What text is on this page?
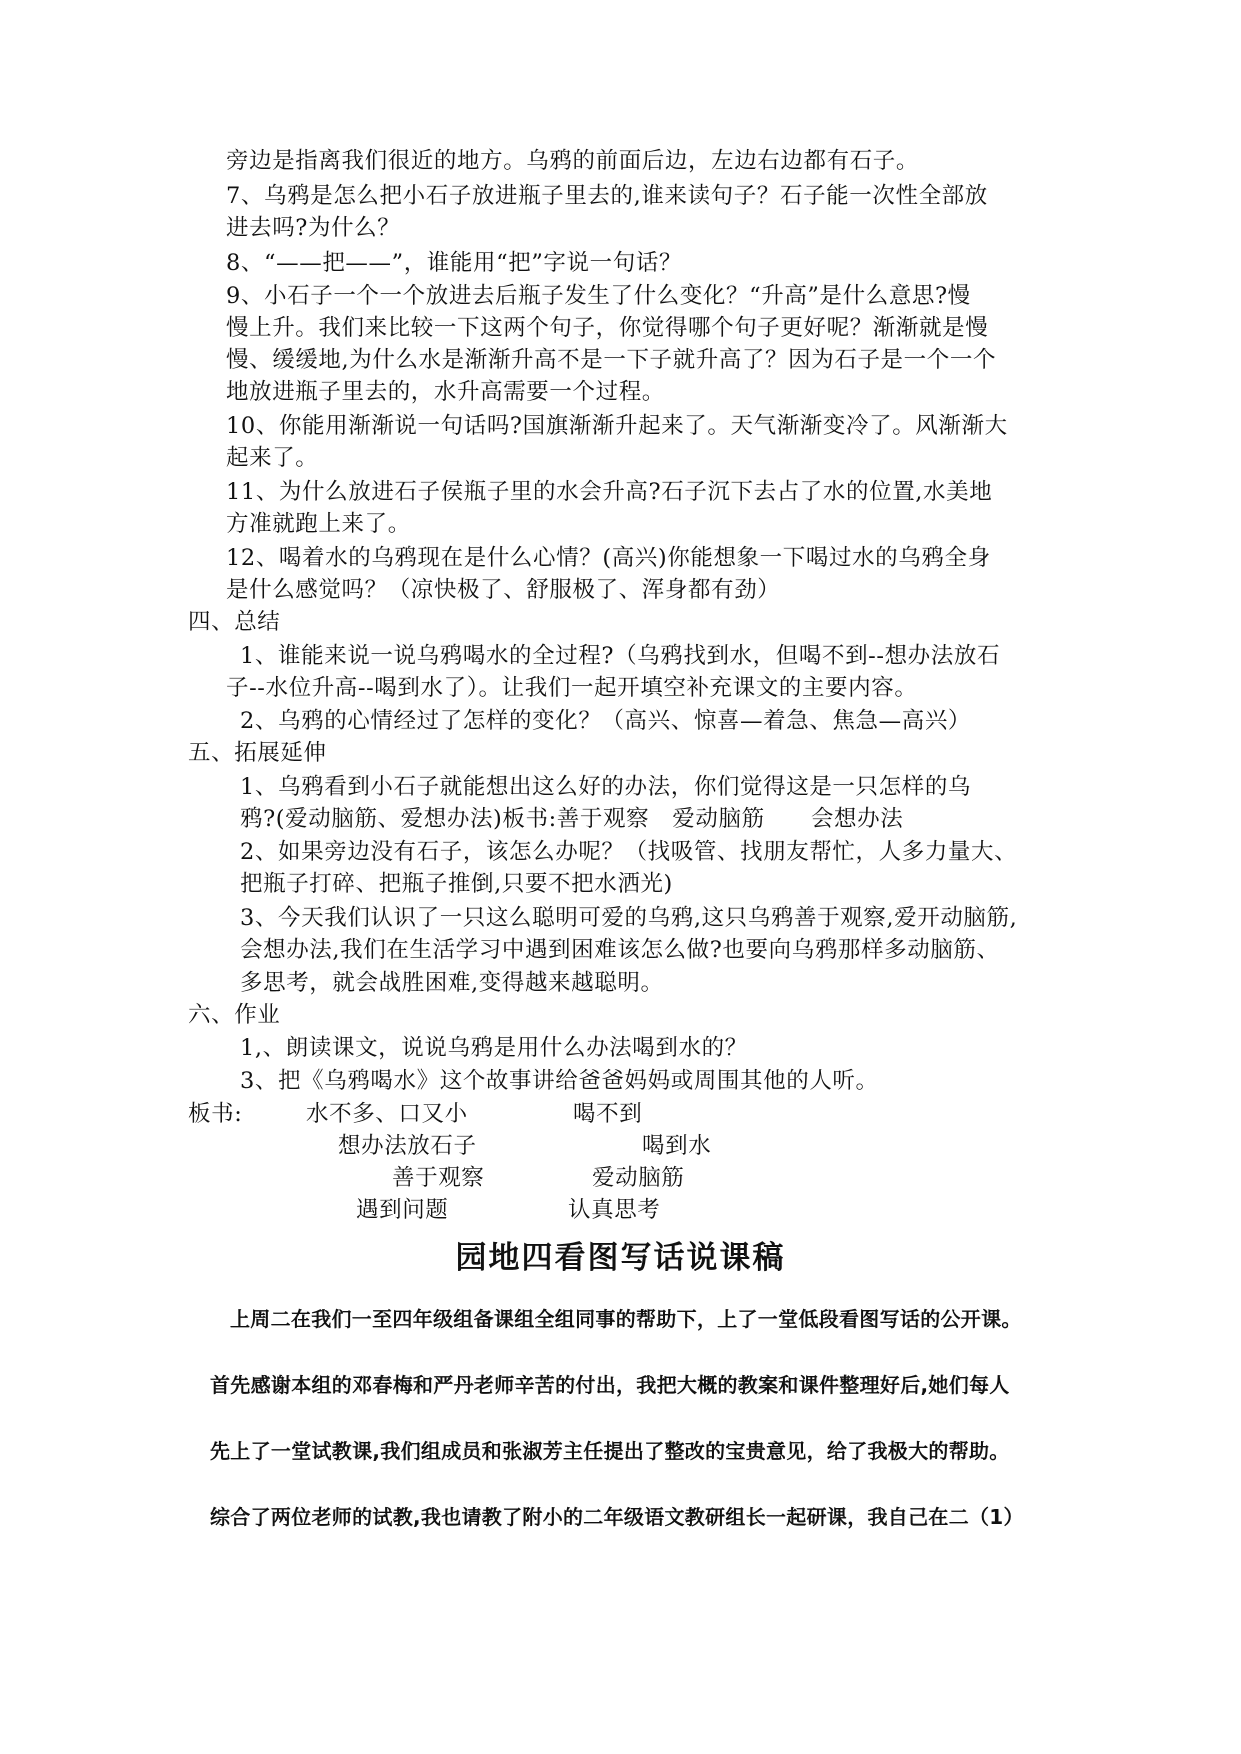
旁边是指离我们很近的地方。乌鸦的前面后边，左边右边都有石子。
7、乌鸦是怎么把小石子放进瓶子里去的,谁来读句子？石子能一次性全部放
进去吗?为什么？
8、“——把——”，谁能用“把”字说一句话？
9、小石子一个一个放进去后瓶子发生了什么变化？“升高”是什么意思?慢
慢上升。我们来比较一下这两个句子，你觉得哪个句子更好呢？渐渐就是慢
慢、缓缓地,为什么水是渐渐升高不是一下子就升高了？因为石子是一个一个
地放进瓶子里去的，水升高需要一个过程。
10、你能用渐渐说一句话吗?国旗渐渐升起来了。天气渐渐变冷了。风渐渐大
起来了。
11、为什么放进石子侯瓶子里的水会升高?石子沉下去占了水的位置,水美地
方准就跑上来了。
12、喝着水的乌鸦现在是什么心情？(高兴)你能想象一下喝过水的乌鸦全身
是什么感觉吗？（凉快极了、舒服极了、浑身都有劲）
四、总结
1、谁能来说一说乌鸦喝水的全过程?（乌鸦找到水，但喝不到--想办法放石
子--水位升高--喝到水了）。让我们一起开填空补充课文的主要内容。
2、乌鸦的心情经过了怎样的变化？（高兴、惊喜—着急、焦急—高兴）
五、拓展延伸
1、乌鸦看到小石子就能想出这么好的办法，你们觉得这是一只怎样的乌
鸦?(爱动脑筋、爱想办法)板书:善于观察　爱动脑筋　　会想办法
2、如果旁边没有石子，该怎么办呢？（找吸管、找朋友帮忙，人多力量大、
把瓶子打碎、把瓶子推倒,只要不把水洒光)
3、今天我们认识了一只这么聪明可爱的乌鸦,这只乌鸦善于观察,爱开动脑筋,
会想办法,我们在生活学习中遇到困难该怎么做?也要向乌鸦那样多动脑筋、
多思考，就会战胜困难,变得越来越聪明。
六、作业
1,、朗读课文，说说乌鸦是用什么办法喝到水的？
3、把《乌鸦喝水》这个故事讲给爸爸妈妈或周围其他的人听。
板书:	水不多、口又小	喝不到
想办法放石子	喝到水
善于观察	爱动脑筋
遇到问题	认真思考
园地四看图写话说课稿
上周二在我们一至四年级组备课组全组同事的帮助下，上了一堂低段看图写话的公开课。
首先感谢本组的邓春梅和严丹老师辛苦的付出，我把大概的教案和课件整理好后,她们每人
先上了一堂试教课,我们组成员和张淑芳主任提出了整改的宝贵意见，给了我极大的帮助。
综合了两位老师的试教,我也请教了附小的二年级语文教研组长一起研课，我自己在二（1）
